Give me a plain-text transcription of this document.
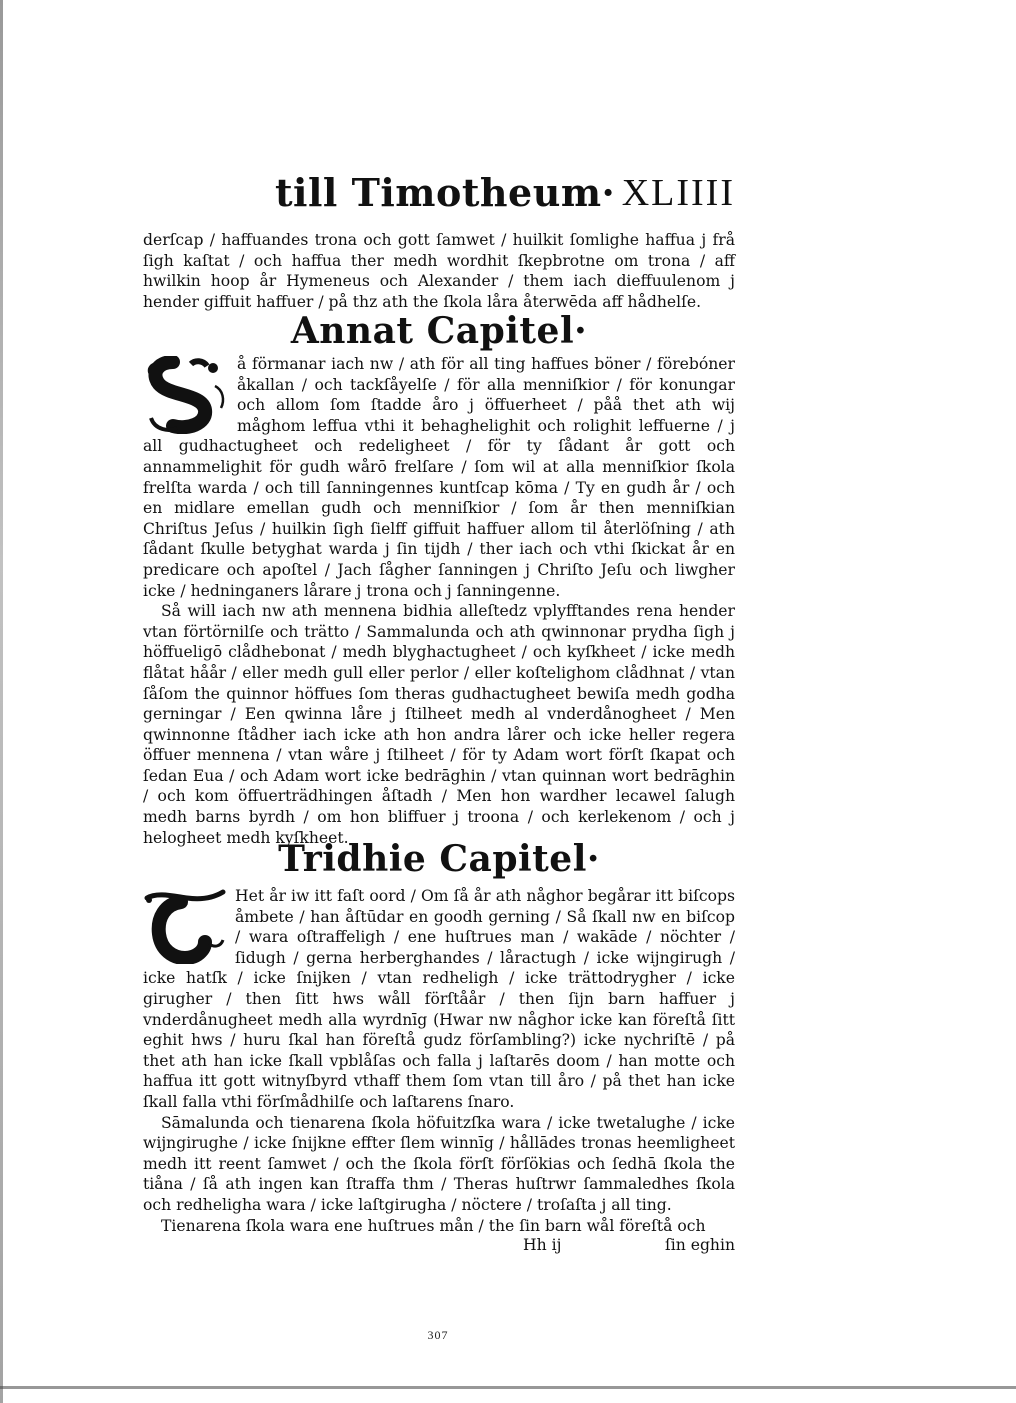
till Timotheum· XLIIII

derſcap / haffuandes trona och gott ſamwet / huilkit ſomlighe haffua j frå ſigh kaſtat / och haffua ther medh wordhit ſkepbrotne om trona / aff hwilkin hoop år Hymeneus och Alexander / them iach dieffuulenom j hender giffuit haffuer / på thz ath the ſkola låra återwēda aff hådhelſe.

Annat Capitel·

å förmanar iach nw / ath för all ting haffues böner / förebóner åkallan / och tackſåyelſe / för alla menniſkior / för konungar och allom ſom ſtadde åro j öffuerheet / påå thet ath wij måghom leffua vthi it behaghelighit och rolighit leffuerne / j all gudhactugheet och redeligheet / för ty ſådant år gott och annammelighit för gudh wårō frelſare / ſom wil at alla menniſkior ſkola frelſta warda / och till ſanningennes kuntſcap kōma / Ty en gudh år / och en midlare emellan gudh och menniſkior / ſom år then menniſkian Chriſtus Jeſus / huilkin ſigh ſielff giffuit haffuer allom til återlöſning / ath ſådant ſkulle betyghat warda j ſin tijdh / ther iach och vthi ſkickat år en predicare och apoſtel / Jach ſågher ſanningen j Chriſto Jeſu och liwgher icke / hedninganers lårare j trona och j ſanningenne.

Så will iach nw ath mennena bidhia alleſtedz vplyfftandes rena hender vtan förtörnilſe och trätto / Sammalunda och ath qwinnonar prydha ſigh j höffueligō clådhebonat / medh blyghactugheet / och kyſkheet / icke medh flåtat håår / eller medh gull eller perlor / eller koſtelighom clådhnat / vtan ſåſom the quinnor höffues ſom theras gudhactugheet bewiſa medh godha gerningar / Een qwinna låre j ſtilheet medh al vnderdånogheet / Men qwinnonne ſtådher iach icke ath hon andra lårer och icke heller regera öffuer mennena / vtan wåre j ſtilheet / för ty Adam wort förſt ſkapat och ſedan Eua / och Adam wort icke bedrāghin / vtan quinnan wort bedrāghin / och kom öffuerträdhingen åſtadh / Men hon wardher lecawel ſalugh medh barns byrdh / om hon bliffuer j troona / och kerlekenom / och j helogheet medh kyſkheet.

Tridhie Capitel·

Het år iw itt faſt oord / Om ſå år ath någhor begårar itt biſcops åmbete / han åſtūdar en goodh gerning / Så ſkall nw en biſcop / wara oſtraffeligh / ene huſtrues man / wakāde / nöchter / ſidugh / gerna herberghandes / låractugh / icke wijngirugh / icke hatſk / icke ſnijken / vtan redheligh / icke trättodrygher / icke girugher / then ſitt hws wåll förſtåår / then ſijn barn haffuer j vnderdånugheet medh alla wyrdnīg (Hwar nw någhor icke kan föreſtå ſitt eghit hws / huru ſkal han föreſtå gudz förſambling?) icke nychriſtē / på thet ath han icke ſkall vpblåſas och falla j laſtarēs doom / han motte och haffua itt gott witnyſbyrd vthaff them ſom vtan till åro / på thet han icke ſkall falla vthi förſmådhilſe och laſtarens ſnaro.

Sāmalunda och tienarena ſkola höfuitzſka wara / icke twetalughe / icke wijngirughe / icke ſnijkne effter ſlem winnīg / hållādes tronas heemligheet medh itt reent ſamwet / och the ſkola förſt förſökias och ſedhā ſkola the tiåna / ſå ath ingen kan ſtraffa thm / Theras huſtrwr ſammaledhes ſkola och redheligha wara / icke laſtgirugha / nöctere / troſaſta j all ting.

Tienarena ſkola wara ene huſtrues mån / the ſin barn wål föreſtå och

Hh ij	ſin eghin
307
